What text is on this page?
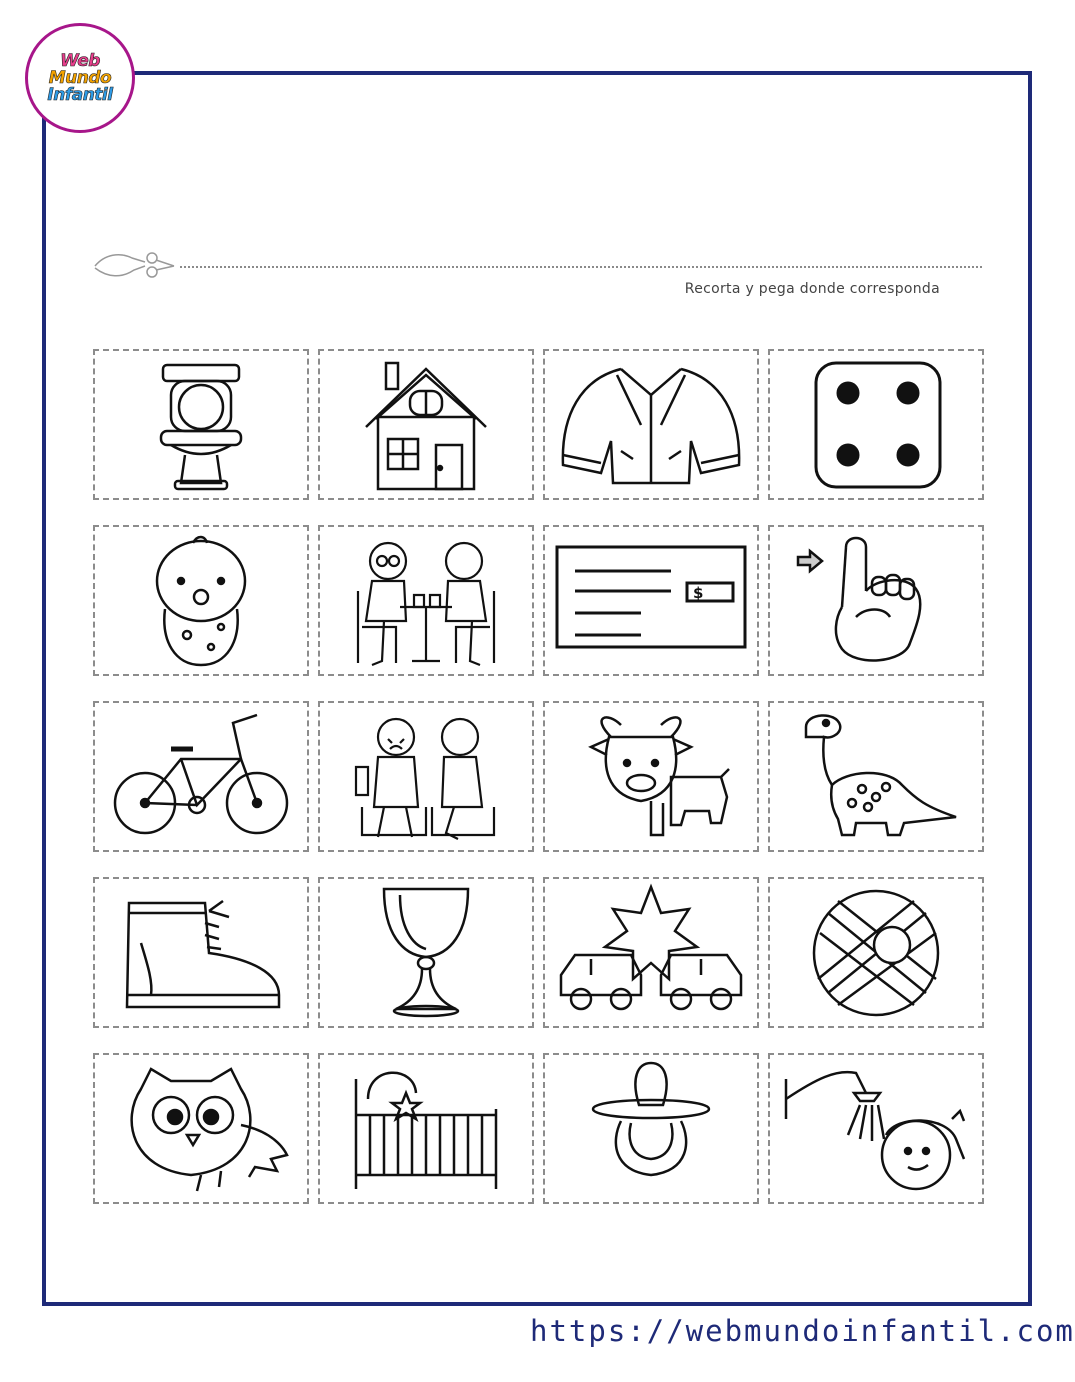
Web
Mundo
Infantil
Recorta y pega donde corresponda
$
https://webmundoinfantil.com
